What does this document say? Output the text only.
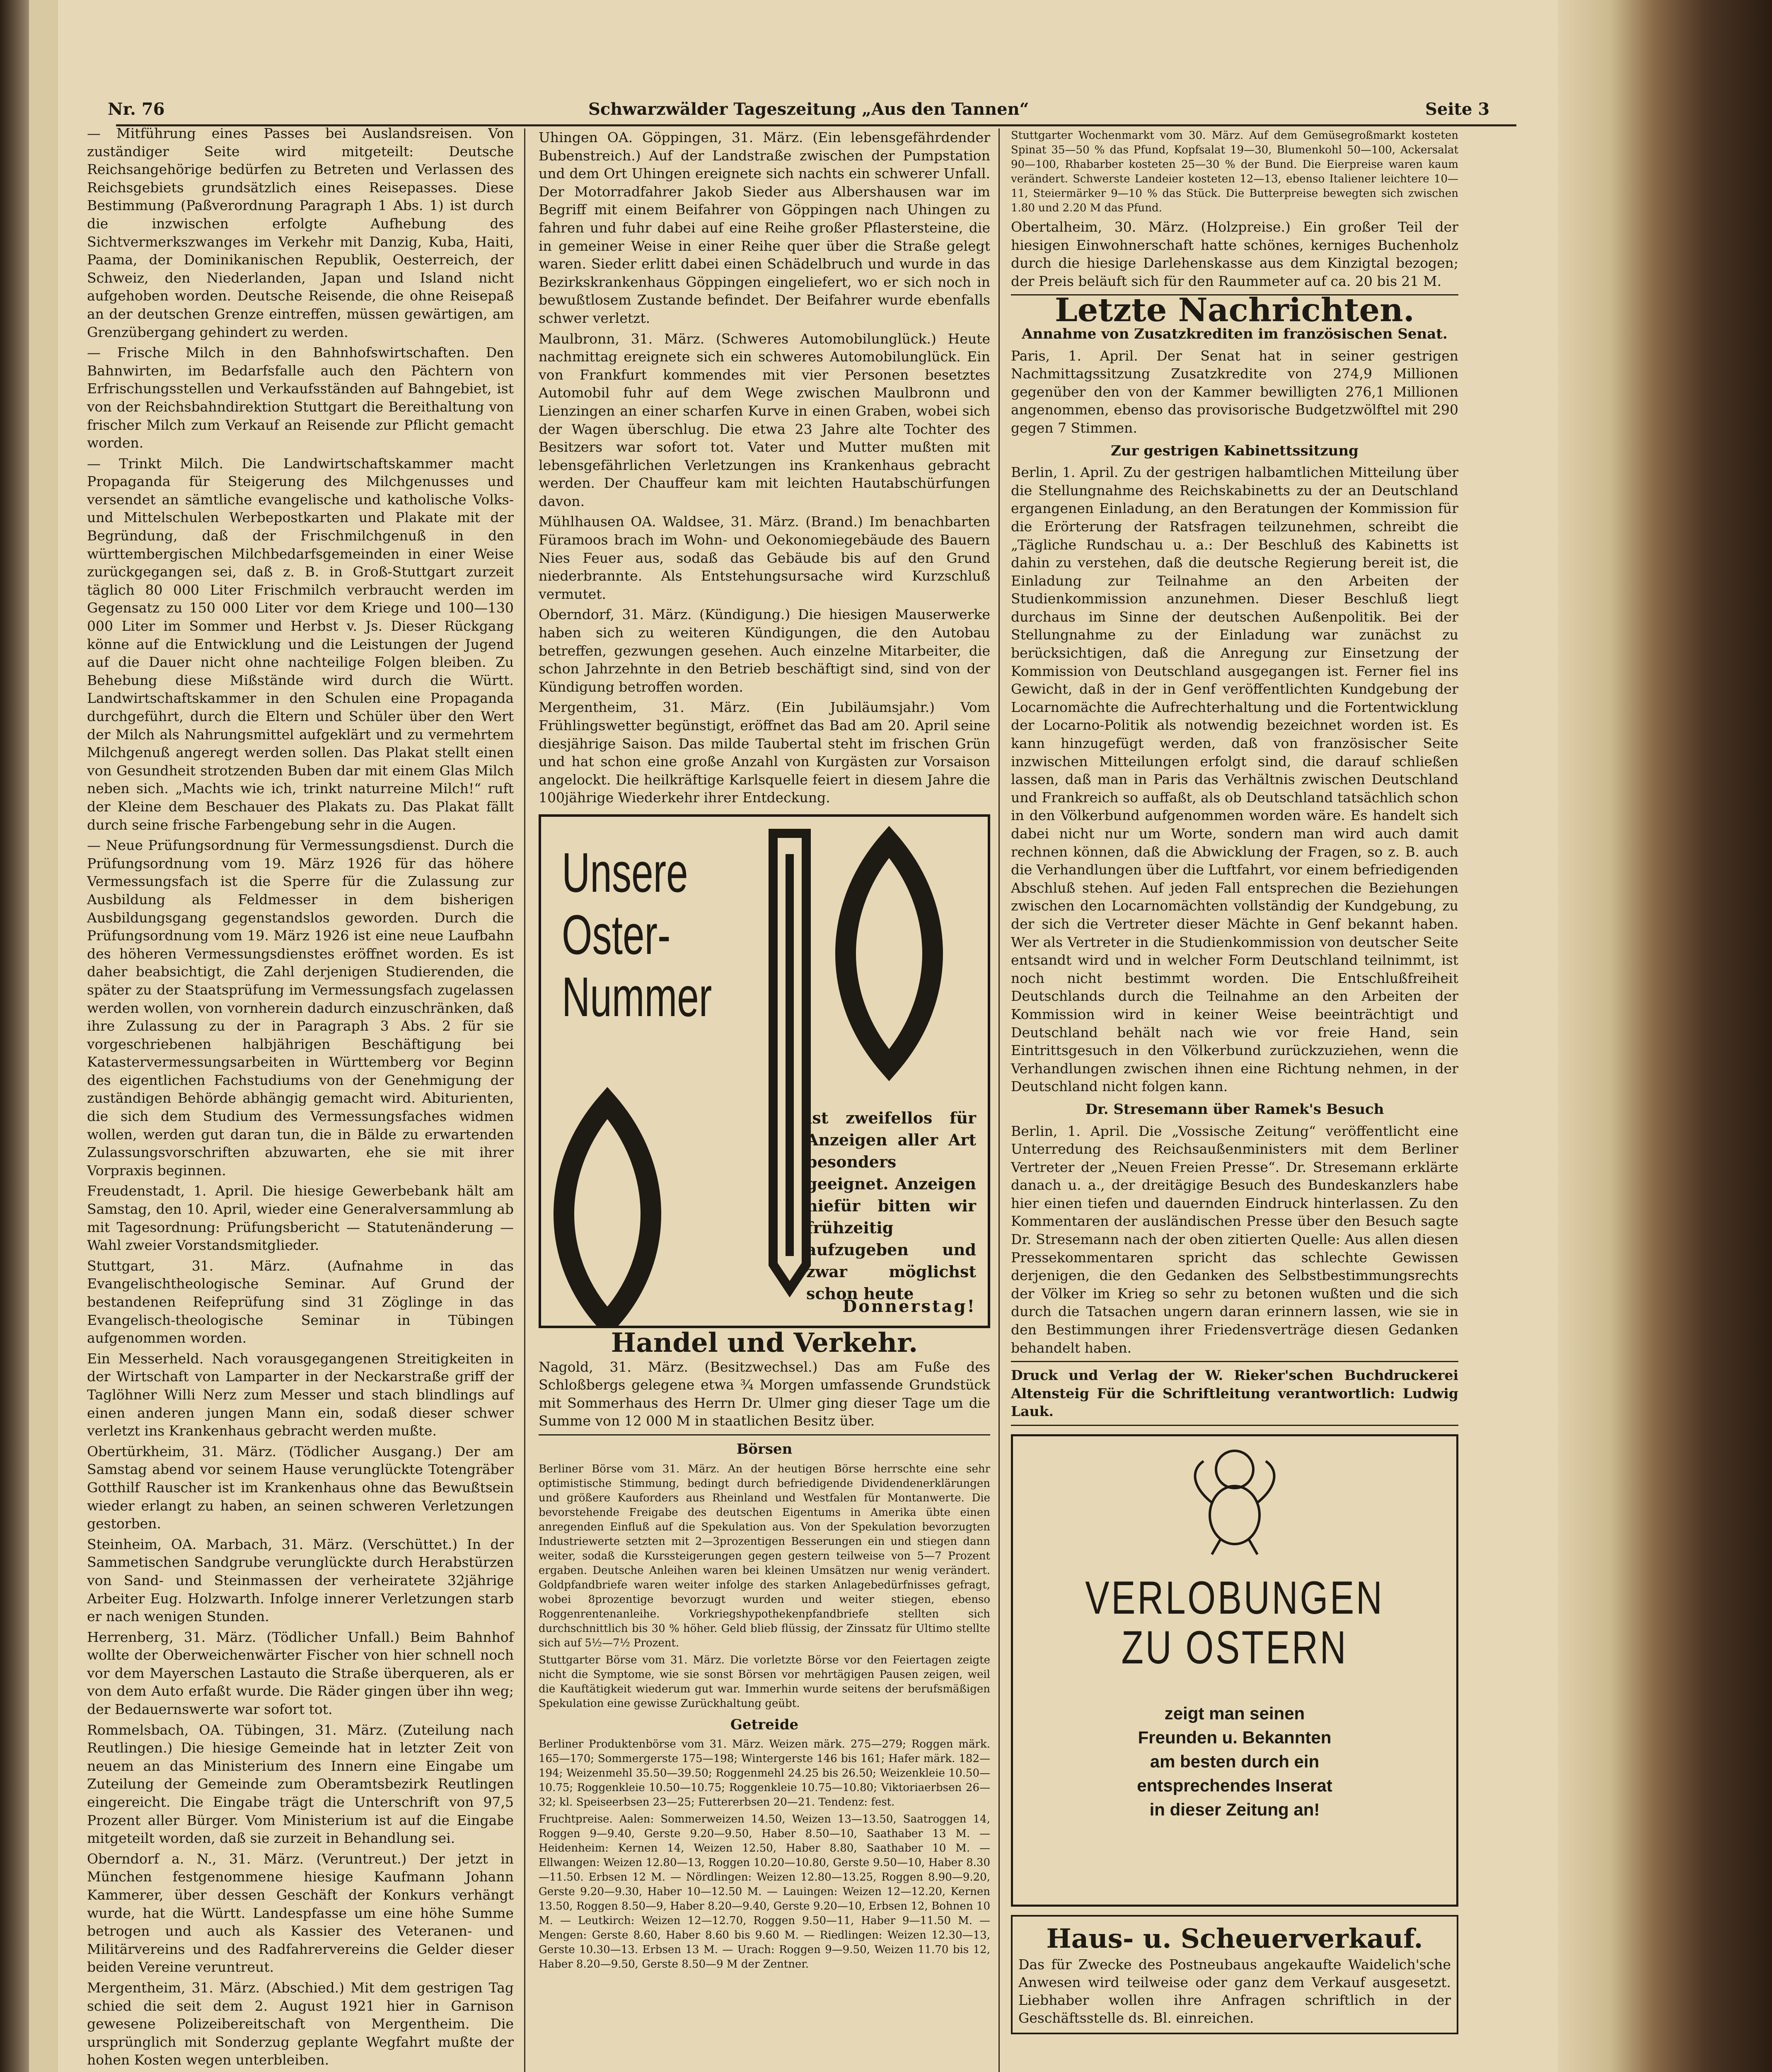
Nr. 76	Schwarzwälder Tageszeitung „Aus den Tannen“	Seite 3

— Mitführung eines Passes bei Auslandsreisen. Von zuständiger Seite wird mitgeteilt: Deutsche Reichsangehörige bedürfen zu Betreten und Verlassen des Reichsgebiets grundsätzlich eines Reisepasses. Diese Bestimmung (Paßverordnung Paragraph 1 Abs. 1) ist durch die inzwischen erfolgte Aufhebung des Sichtvermerkszwanges im Verkehr mit Danzig, Kuba, Haiti, Paama, der Dominikanischen Republik, Oesterreich, der Schweiz, den Niederlanden, Japan und Island nicht aufgehoben worden. Deutsche Reisende, die ohne Reisepaß an der deutschen Grenze eintreffen, müssen gewärtigen, am Grenzübergang gehindert zu werden.

— Frische Milch in den Bahnhofswirtschaften. Den Bahnwirten, im Bedarfsfalle auch den Pächtern von Erfrischungsstellen und Verkaufsständen auf Bahngebiet, ist von der Reichsbahndirektion Stuttgart die Bereithaltung von frischer Milch zum Verkauf an Reisende zur Pflicht gemacht worden.

— Trinkt Milch. Die Landwirtschaftskammer macht Propaganda für Steigerung des Milchgenusses und versendet an sämtliche evangelische und katholische Volks- und Mittelschulen Werbepostkarten und Plakate mit der Begründung, daß der Frischmilchgenuß in den württembergischen Milchbedarfsgemeinden in einer Weise zurückgegangen sei, daß z. B. in Groß-Stuttgart zurzeit täglich 80 000 Liter Frischmilch verbraucht werden im Gegensatz zu 150 000 Liter vor dem Kriege und 100—130 000 Liter im Sommer und Herbst v. Js. Dieser Rückgang könne auf die Entwicklung und die Leistungen der Jugend auf die Dauer nicht ohne nachteilige Folgen bleiben. Zu Behebung diese Mißstände wird durch die Württ. Landwirtschaftskammer in den Schulen eine Propaganda durchgeführt, durch die Eltern und Schüler über den Wert der Milch als Nahrungsmittel aufgeklärt und zu vermehrtem Milchgenuß angeregt werden sollen. Das Plakat stellt einen von Gesundheit strotzenden Buben dar mit einem Glas Milch neben sich. „Machts wie ich, trinkt naturreine Milch!“ ruft der Kleine dem Beschauer des Plakats zu. Das Plakat fällt durch seine frische Farbengebung sehr in die Augen.

— Neue Prüfungsordnung für Vermessungsdienst. Durch die Prüfungsordnung vom 19. März 1926 für das höhere Vermessungsfach ist die Sperre für die Zulassung zur Ausbildung als Feldmesser in dem bisherigen Ausbildungsgang gegenstandslos geworden. Durch die Prüfungsordnung vom 19. März 1926 ist eine neue Laufbahn des höheren Vermessungsdienstes eröffnet worden. Es ist daher beabsichtigt, die Zahl derjenigen Studierenden, die später zu der Staatsprüfung im Vermessungsfach zugelassen werden wollen, von vornherein dadurch einzuschränken, daß ihre Zulassung zu der in Paragraph 3 Abs. 2 für sie vorgeschriebenen halbjährigen Beschäftigung bei Katastervermessungsarbeiten in Württemberg vor Beginn des eigentlichen Fachstudiums von der Genehmigung der zuständigen Behörde abhängig gemacht wird. Abiturienten, die sich dem Studium des Vermessungsfaches widmen wollen, werden gut daran tun, die in Bälde zu erwartenden Zulassungsvorschriften abzuwarten, ehe sie mit ihrer Vorpraxis beginnen.

Freudenstadt, 1. April. Die hiesige Gewerbebank hält am Samstag, den 10. April, wieder eine Generalversammlung ab mit Tagesordnung: Prüfungsbericht — Statutenänderung — Wahl zweier Vorstandsmitglieder.

Stuttgart, 31. März. (Aufnahme in das Evangelischtheologische Seminar. Auf Grund der bestandenen Reifeprüfung sind 31 Zöglinge in das Evangelisch-theologische Seminar in Tübingen aufgenommen worden.

Ein Messerheld. Nach vorausgegangenen Streitigkeiten in der Wirtschaft von Lamparter in der Neckarstraße griff der Taglöhner Willi Nerz zum Messer und stach blindlings auf einen anderen jungen Mann ein, sodaß dieser schwer verletzt ins Krankenhaus gebracht werden mußte.

Obertürkheim, 31. März. (Tödlicher Ausgang.) Der am Samstag abend vor seinem Hause verunglückte Totengräber Gotthilf Rauscher ist im Krankenhaus ohne das Bewußtsein wieder erlangt zu haben, an seinen schweren Verletzungen gestorben.

Steinheim, OA. Marbach, 31. März. (Verschüttet.) In der Sammetischen Sandgrube verunglückte durch Herabstürzen von Sand- und Steinmassen der verheiratete 32jährige Arbeiter Eug. Holzwarth. Infolge innerer Verletzungen starb er nach wenigen Stunden.

Herrenberg, 31. März. (Tödlicher Unfall.) Beim Bahnhof wollte der Oberweichenwärter Fischer von hier schnell noch vor dem Mayerschen Lastauto die Straße überqueren, als er von dem Auto erfaßt wurde. Die Räder gingen über ihn weg; der Bedauernswerte war sofort tot.

Rommelsbach, OA. Tübingen, 31. März. (Zuteilung nach Reutlingen.) Die hiesige Gemeinde hat in letzter Zeit von neuem an das Ministerium des Innern eine Eingabe um Zuteilung der Gemeinde zum Oberamtsbezirk Reutlingen eingereicht. Die Eingabe trägt die Unterschrift von 97,5 Prozent aller Bürger. Vom Ministerium ist auf die Eingabe mitgeteilt worden, daß sie zurzeit in Behandlung sei.

Oberndorf a. N., 31. März. (Veruntreut.) Der jetzt in München festgenommene hiesige Kaufmann Johann Kammerer, über dessen Geschäft der Konkurs verhängt wurde, hat die Württ. Landespfasse um eine höhe Summe betrogen und auch als Kassier des Veteranen- und Militärvereins und des Radfahrervereins die Gelder dieser beiden Vereine veruntreut.

Mergentheim, 31. März. (Abschied.) Mit dem gestrigen Tag schied die seit dem 2. August 1921 hier in Garnison gewesene Polizeibereitschaft von Mergentheim. Die ursprünglich mit Sonderzug geplante Wegfahrt mußte der hohen Kosten wegen unterbleiben.

Uhingen OA. Göppingen, 31. März. (Ein lebensgefährdender Bubenstreich.) Auf der Landstraße zwischen der Pumpstation und dem Ort Uhingen ereignete sich nachts ein schwerer Unfall. Der Motorradfahrer Jakob Sieder aus Albershausen war im Begriff mit einem Beifahrer von Göppingen nach Uhingen zu fahren und fuhr dabei auf eine Reihe großer Pflastersteine, die in gemeiner Weise in einer Reihe quer über die Straße gelegt waren. Sieder erlitt dabei einen Schädelbruch und wurde in das Bezirkskrankenhaus Göppingen eingeliefert, wo er sich noch in bewußtlosem Zustande befindet. Der Beifahrer wurde ebenfalls schwer verletzt.

Maulbronn, 31. März. (Schweres Automobilunglück.) Heute nachmittag ereignete sich ein schweres Automobilunglück. Ein von Frankfurt kommendes mit vier Personen besetztes Automobil fuhr auf dem Wege zwischen Maulbronn und Lienzingen an einer scharfen Kurve in einen Graben, wobei sich der Wagen überschlug. Die etwa 23 Jahre alte Tochter des Besitzers war sofort tot. Vater und Mutter mußten mit lebensgefährlichen Verletzungen ins Krankenhaus gebracht werden. Der Chauffeur kam mit leichten Hautabschürfungen davon.

Mühlhausen OA. Waldsee, 31. März. (Brand.) Im benachbarten Füramoos brach im Wohn- und Oekonomiegebäude des Bauern Nies Feuer aus, sodaß das Gebäude bis auf den Grund niederbrannte. Als Entstehungsursache wird Kurzschluß vermutet.

Oberndorf, 31. März. (Kündigung.) Die hiesigen Mauserwerke haben sich zu weiteren Kündigungen, die den Autobau betreffen, gezwungen gesehen. Auch einzelne Mitarbeiter, die schon Jahrzehnte in den Betrieb beschäftigt sind, sind von der Kündigung betroffen worden.

Mergentheim, 31. März. (Ein Jubiläumsjahr.) Vom Frühlingswetter begünstigt, eröffnet das Bad am 20. April seine diesjährige Saison. Das milde Taubertal steht im frischen Grün und hat schon eine große Anzahl von Kurgästen zur Vorsaison angelockt. Die heilkräftige Karlsquelle feiert in diesem Jahre die 100jährige Wiederkehr ihrer Entdeckung.

Unsere
Oster-
Nummer
ist zweifellos für Anzeigen aller Art besonders geeignet. Anzeigen hiefür bitten wir frühzeitig aufzugeben und zwar möglichst schon heute
Donnerstag!
Handel und Verkehr.

Nagold, 31. März. (Besitzwechsel.) Das am Fuße des Schloßbergs gelegene etwa ¾ Morgen umfassende Grundstück mit Sommerhaus des Herrn Dr. Ulmer ging dieser Tage um die Summe von 12 000 M in staatlichen Besitz über.

Börsen

Berliner Börse vom 31. März. An der heutigen Börse herrschte eine sehr optimistische Stimmung, bedingt durch befriedigende Dividendenerklärungen und größere Kauforders aus Rheinland und Westfalen für Montanwerte. Die bevorstehende Freigabe des deutschen Eigentums in Amerika übte einen anregenden Einfluß auf die Spekulation aus. Von der Spekulation bevorzugten Industriewerte setzten mit 2—3prozentigen Besserungen ein und stiegen dann weiter, sodaß die Kurssteigerungen gegen gestern teilweise von 5—7 Prozent ergaben. Deutsche Anleihen waren bei kleinen Umsätzen nur wenig verändert. Goldpfandbriefe waren weiter infolge des starken Anlagebedürfnisses gefragt, wobei 8prozentige bevorzugt wurden und weiter stiegen, ebenso Roggenrentenanleihe. Vorkriegshypothekenpfandbriefe stellten sich durchschnittlich bis 30 % höher. Geld blieb flüssig, der Zinssatz für Ultimo stellte sich auf 5½—7½ Prozent.

Stuttgarter Börse vom 31. März. Die vorletzte Börse vor den Feiertagen zeigte nicht die Symptome, wie sie sonst Börsen vor mehrtägigen Pausen zeigen, weil die Kauftätigkeit wiederum gut war. Immerhin wurde seitens der berufsmäßigen Spekulation eine gewisse Zurückhaltung geübt.

Getreide

Berliner Produktenbörse vom 31. März. Weizen märk. 275—279; Roggen märk. 165—170; Sommergerste 175—198; Wintergerste 146 bis 161; Hafer märk. 182—194; Weizenmehl 35.50—39.50; Roggenmehl 24.25 bis 26.50; Weizenkleie 10.50—10.75; Roggenkleie 10.50—10.75; Roggenkleie 10.75—10.80; Viktoriaerbsen 26—32; kl. Speiseerbsen 23—25; Futtererbsen 20—21. Tendenz: fest.

Fruchtpreise. Aalen: Sommerweizen 14.50, Weizen 13—13.50, Saatroggen 14, Roggen 9—9.40, Gerste 9.20—9.50, Haber 8.50—10, Saathaber 13 M. — Heidenheim: Kernen 14, Weizen 12.50, Haber 8.80, Saathaber 10 M. — Ellwangen: Weizen 12.80—13, Roggen 10.20—10.80, Gerste 9.50—10, Haber 8.30—11.50. Erbsen 12 M. — Nördlingen: Weizen 12.80—13.25, Roggen 8.90—9.20, Gerste 9.20—9.30, Haber 10—12.50 M. — Lauingen: Weizen 12—12.20, Kernen 13.50, Roggen 8.50—9, Haber 8.20—9.40, Gerste 9.20—10, Erbsen 12, Bohnen 10 M. — Leutkirch: Weizen 12—12.70, Roggen 9.50—11, Haber 9—11.50 M. — Mengen: Gerste 8.60, Haber 8.60 bis 9.60 M. — Riedlingen: Weizen 12.30—13, Gerste 10.30—13. Erbsen 13 M. — Urach: Roggen 9—9.50, Weizen 11.70 bis 12, Haber 8.20—9.50, Gerste 8.50—9 M der Zentner.

Stuttgarter Wochenmarkt vom 30. März. Auf dem Gemüsegroßmarkt kosteten Spinat 35—50 % das Pfund, Kopfsalat 19—30, Blumenkohl 50—100, Ackersalat 90—100, Rhabarber kosteten 25—30 % der Bund. Die Eierpreise waren kaum verändert. Schwerste Landeier kosteten 12—13, ebenso Italiener leichtere 10—11, Steiermärker 9—10 % das Stück. Die Butterpreise bewegten sich zwischen 1.80 und 2.20 M das Pfund.

Obertalheim, 30. März. (Holzpreise.) Ein großer Teil der hiesigen Einwohnerschaft hatte schönes, kerniges Buchenholz durch die hiesige Darlehenskasse aus dem Kinzigtal bezogen; der Preis beläuft sich für den Raummeter auf ca. 20 bis 21 M.

Letzte Nachrichten.
Annahme von Zusatzkrediten im französischen Senat.

Paris, 1. April. Der Senat hat in seiner gestrigen Nachmittagssitzung Zusatzkredite von 274,9 Millionen gegenüber den von der Kammer bewilligten 276,1 Millionen angenommen, ebenso das provisorische Budgetzwölftel mit 290 gegen 7 Stimmen.

Zur gestrigen Kabinettssitzung

Berlin, 1. April. Zu der gestrigen halbamtlichen Mitteilung über die Stellungnahme des Reichskabinetts zu der an Deutschland ergangenen Einladung, an den Beratungen der Kommission für die Erörterung der Ratsfragen teilzunehmen, schreibt die „Tägliche Rundschau u. a.: Der Beschluß des Kabinetts ist dahin zu verstehen, daß die deutsche Regierung bereit ist, die Einladung zur Teilnahme an den Arbeiten der Studienkommission anzunehmen. Dieser Beschluß liegt durchaus im Sinne der deutschen Außenpolitik. Bei der Stellungnahme zu der Einladung war zunächst zu berücksichtigen, daß die Anregung zur Einsetzung der Kommission von Deutschland ausgegangen ist. Ferner fiel ins Gewicht, daß in der in Genf veröffentlichten Kundgebung der Locarnomächte die Aufrechterhaltung und die Fortentwicklung der Locarno-Politik als notwendig bezeichnet worden ist. Es kann hinzugefügt werden, daß von französischer Seite inzwischen Mitteilungen erfolgt sind, die darauf schließen lassen, daß man in Paris das Verhältnis zwischen Deutschland und Frankreich so auffaßt, als ob Deutschland tatsächlich schon in den Völkerbund aufgenommen worden wäre. Es handelt sich dabei nicht nur um Worte, sondern man wird auch damit rechnen können, daß die Abwicklung der Fragen, so z. B. auch die Verhandlungen über die Luftfahrt, vor einem befriedigenden Abschluß stehen. Auf jeden Fall entsprechen die Beziehungen zwischen den Locarnomächten vollständig der Kundgebung, zu der sich die Vertreter dieser Mächte in Genf bekannt haben. Wer als Vertreter in die Studienkommission von deutscher Seite entsandt wird und in welcher Form Deutschland teilnimmt, ist noch nicht bestimmt worden. Die Entschlußfreiheit Deutschlands durch die Teilnahme an den Arbeiten der Kommission wird in keiner Weise beeinträchtigt und Deutschland behält nach wie vor freie Hand, sein Eintrittsgesuch in den Völkerbund zurückzuziehen, wenn die Verhandlungen zwischen ihnen eine Richtung nehmen, in der Deutschland nicht folgen kann.

Dr. Stresemann über Ramek's Besuch

Berlin, 1. April. Die „Vossische Zeitung“ veröffentlicht eine Unterredung des Reichsaußenministers mit dem Berliner Vertreter der „Neuen Freien Presse“. Dr. Stresemann erklärte danach u. a., der dreitägige Besuch des Bundeskanzlers habe hier einen tiefen und dauernden Eindruck hinterlassen. Zu den Kommentaren der ausländischen Presse über den Besuch sagte Dr. Stresemann nach der oben zitierten Quelle: Aus allen diesen Pressekommentaren spricht das schlechte Gewissen derjenigen, die den Gedanken des Selbstbestimmungsrechts der Völker im Krieg so sehr zu betonen wußten und die sich durch die Tatsachen ungern daran erinnern lassen, wie sie in den Bestimmungen ihrer Friedensverträge diesen Gedanken behandelt haben.

Druck und Verlag der W. Rieker'schen Buchdruckerei Altensteig Für die Schriftleitung verantwortlich: Ludwig Lauk.

VERLOBUNGEN
ZU OSTERN
zeigt man seinen Freunden u. Bekannten am besten durch ein entsprechendes Inserat in dieser Zeitung an!
Haus- u. Scheuerverkauf.
Das für Zwecke des Postneubaus angekaufte Waidelich'sche Anwesen wird teilweise oder ganz dem Verkauf ausgesetzt. Liebhaber wollen ihre Anfragen schriftlich in der Geschäftsstelle ds. Bl. einreichen.
